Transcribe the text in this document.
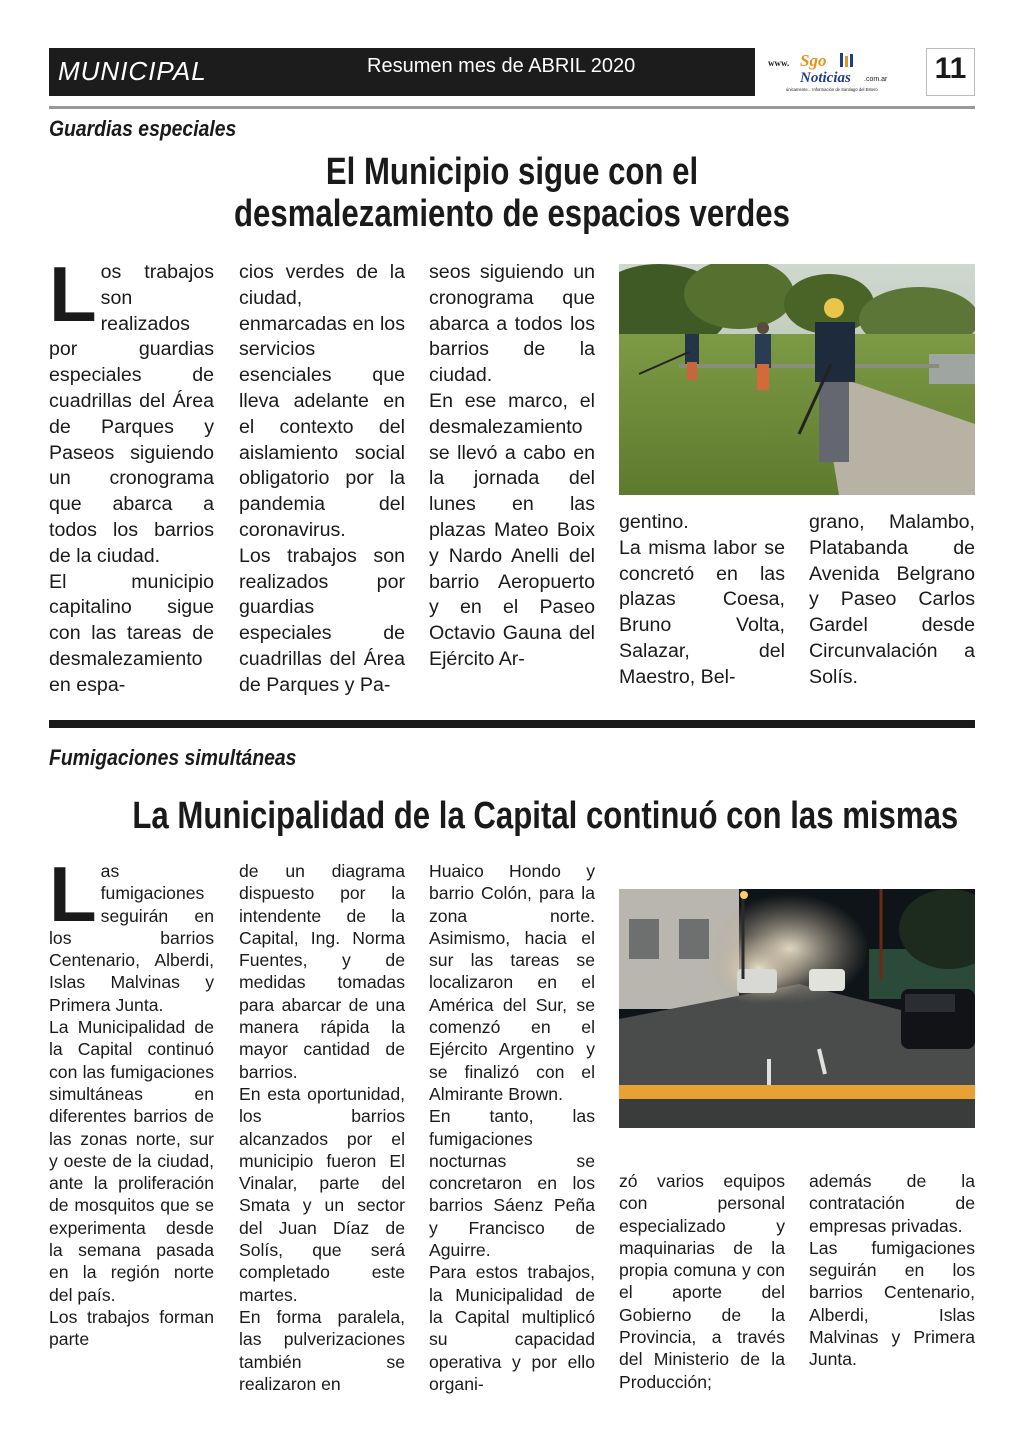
MUNICIPAL	Resumen mes de ABRIL 2020	www. Sgo
Noticias .com.ar
únicamente... Información de Santiago del Estero
11
Guardias especiales
El Municipio sigue con el
desmalezamiento de espacios verdes
L os trabajos son realizados por guardias especiales de cuadrillas del Área de Parques y Paseos siguiendo un cronograma que abarca a todos los barrios de la ciudad.

El municipio capitalino sigue con las tareas de desmalezamiento en espa-

cios verdes de la ciudad, enmarcadas en los servicios esenciales que lleva adelante en el contexto del aislamiento social obligatorio por la pandemia del coronavirus.

Los trabajos son realizados por guardias especiales de cuadrillas del Área de Parques y Pa-

seos siguiendo un cronograma que abarca a todos los barrios de la ciudad.

En ese marco, el desmalezamiento se llevó a cabo en la jornada del lunes en las plazas Mateo Boix y Nardo Anelli del barrio Aeropuerto y en el Paseo Octavio Gauna del Ejército Ar-

gentino.

La misma labor se concretó en las plazas Coesa, Bruno Volta, Salazar, del Maestro, Bel-

grano, Malambo, Platabanda de Avenida Belgrano y Paseo Carlos Gardel desde Circunvalación a Solís.

Fumigaciones simultáneas
La Municipalidad de la Capital continuó con las mismas
L as fumigaciones seguirán en los barrios Centenario, Alberdi, Islas Malvinas y Primera Junta.

La Municipalidad de la Capital continuó con las fumigaciones simultáneas en diferentes barrios de las zonas norte, sur y oeste de la ciudad, ante la proliferación de mosquitos que se experimenta desde la semana pasada en la región norte del país.

Los trabajos forman parte

de un diagrama dispuesto por la intendente de la Capital, Ing. Norma Fuentes, y de medidas tomadas para abarcar de una manera rápida la mayor cantidad de barrios.

En esta oportunidad, los barrios alcanzados por el municipio fueron El Vinalar, parte del Smata y un sector del Juan Díaz de Solís, que será completado este martes.

En forma paralela, las pulverizaciones también se realizaron en

Huaico Hondo y barrio Colón, para la zona norte. Asimismo, hacia el sur las tareas se localizaron en el América del Sur, se comenzó en el Ejército Argentino y se finalizó con el Almirante Brown.

En tanto, las fumigaciones nocturnas se concretaron en los barrios Sáenz Peña y Francisco de Aguirre.

Para estos trabajos, la Municipalidad de la Capital multiplicó su capacidad operativa y por ello organi-

zó varios equipos con personal especializado y maquinarias de la propia comuna y con el aporte del Gobierno de la Provincia, a través del Ministerio de la Producción;

además de la contratación de empresas privadas.

Las fumigaciones seguirán en los barrios Centenario, Alberdi, Islas Malvinas y Primera Junta.
